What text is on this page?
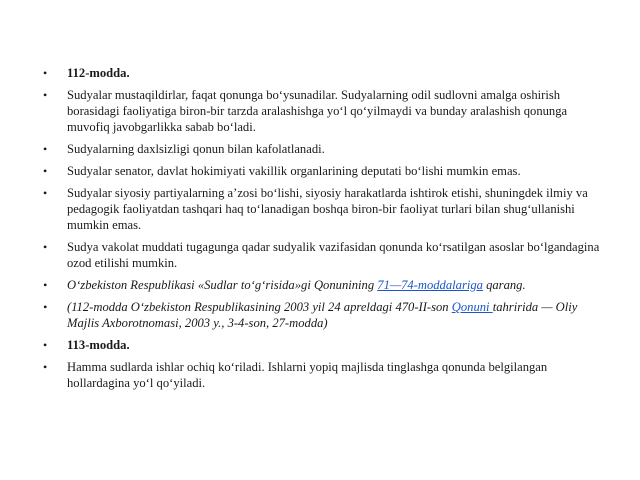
• 112-modda.
• Sudyalar mustaqildirlar, faqat qonunga bo‘ysunadilar. Sudyalarning odil sudlovni amalga oshirish borasidagi faoliyatiga biron-bir tarzda aralashishga yo‘l qo‘yilmaydi va bunday aralashish qonunga muvofiq javobgarlikka sabab bo‘ladi.
• Sudyalarning daxlsizligi qonun bilan kafolatlanadi.
• Sudyalar senator, davlat hokimiyati vakillik organlarining deputati bo‘lishi mumkin emas.
• Sudyalar siyosiy partiyalarning a’zosi bo‘lishi, siyosiy harakatlarda ishtirok etishi, shuningdek ilmiy va pedagogik faoliyatdan tashqari haq to‘lanadigan boshqa biron-bir faoliyat turlari bilan shug‘ullanishi mumkin emas.
• Sudya vakolat muddati tugagunga qadar sudyalik vazifasidan qonunda ko‘rsatilgan asoslar bo‘lgandagina ozod etilishi mumkin.
• O‘zbekiston Respublikasi «Sudlar to‘g‘risida»gi Qonunining 71—74-moddalariga qarang.
• (112-modda O‘zbekiston Respublikasining 2003 yil 24 apreldagi 470-II-son Qonuni tahririda — Oliy Majlis Axborotnomasi, 2003 y., 3-4-son, 27-modda)
• 113-modda.
• Hamma sudlarda ishlar ochiq ko‘riladi. Ishlarni yopiq majlisda tinglashga qonunda belgilangan hollardagina yo‘l qo‘yiladi.
